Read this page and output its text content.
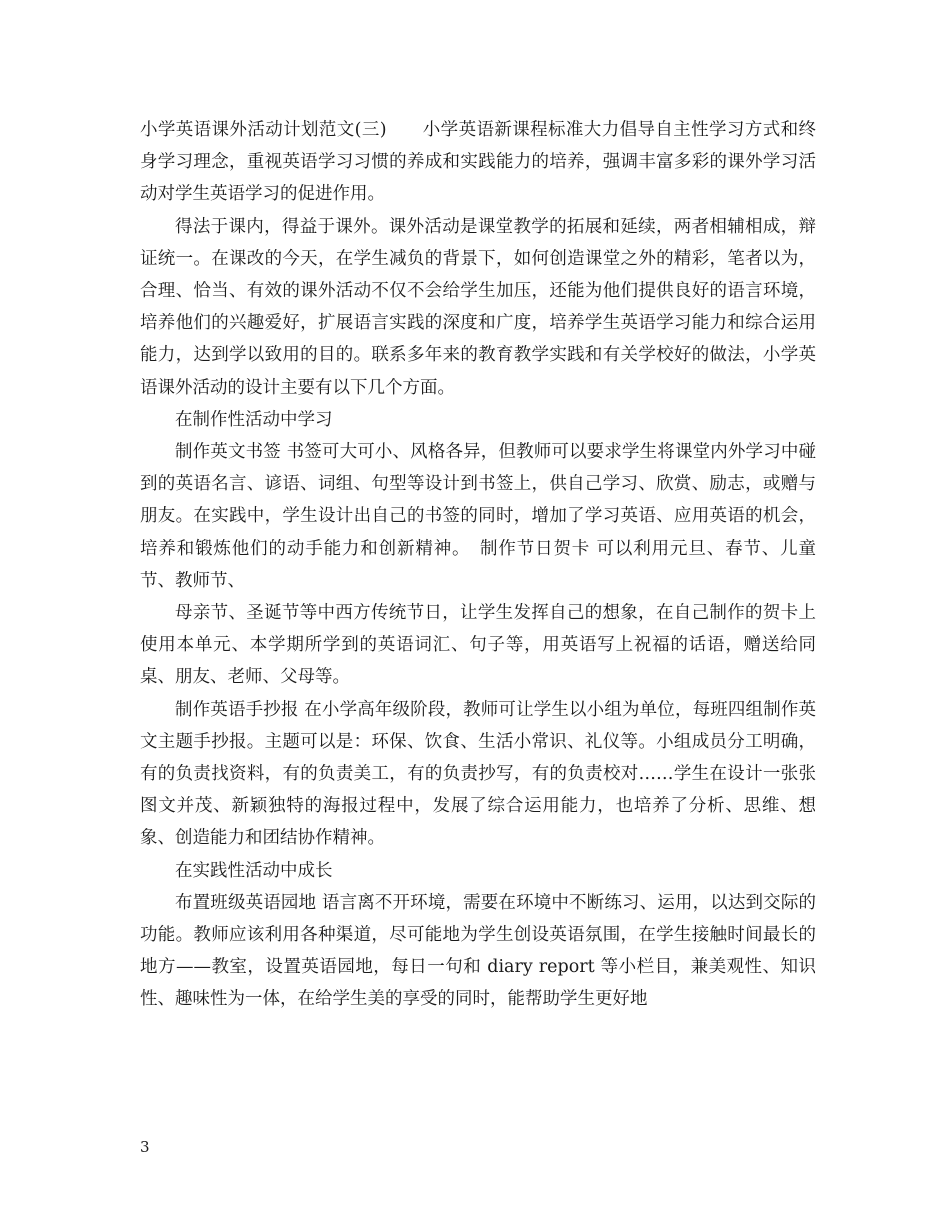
小学英语课外活动计划范文(三)　　小学英语新课程标准大力倡导自主性学习方式和终身学习理念，重视英语学习习惯的养成和实践能力的培养，强调丰富多彩的课外学习活动对学生英语学习的促进作用。

得法于课内，得益于课外。课外活动是课堂教学的拓展和延续，两者相辅相成，辩证统一。在课改的今天，在学生减负的背景下，如何创造课堂之外的精彩，笔者以为，合理、恰当、有效的课外活动不仅不会给学生加压，还能为他们提供良好的语言环境，培养他们的兴趣爱好，扩展语言实践的深度和广度，培养学生英语学习能力和综合运用能力，达到学以致用的目的。联系多年来的教育教学实践和有关学校好的做法，小学英语课外活动的设计主要有以下几个方面。

在制作性活动中学习

制作英文书签 书签可大可小、风格各异，但教师可以要求学生将课堂内外学习中碰到的英语名言、谚语、词组、句型等设计到书签上，供自己学习、欣赏、励志，或赠与朋友。在实践中，学生设计出自己的书签的同时，增加了学习英语、应用英语的机会，培养和锻炼他们的动手能力和创新精神。　制作节日贺卡 可以利用元旦、春节、儿童节、教师节、

母亲节、圣诞节等中西方传统节日，让学生发挥自己的想象，在自己制作的贺卡上使用本单元、本学期所学到的英语词汇、句子等，用英语写上祝福的话语，赠送给同桌、朋友、老师、父母等。

制作英语手抄报 在小学高年级阶段，教师可让学生以小组为单位，每班四组制作英文主题手抄报。主题可以是：环保、饮食、生活小常识、礼仪等。小组成员分工明确，有的负责找资料，有的负责美工，有的负责抄写，有的负责校对……学生在设计一张张图文并茂、新颖独特的海报过程中，发展了综合运用能力，也培养了分析、思维、想象、创造能力和团结协作精神。

在实践性活动中成长

布置班级英语园地 语言离不开环境，需要在环境中不断练习、运用，以达到交际的功能。教师应该利用各种渠道，尽可能地为学生创设英语氛围，在学生接触时间最长的地方——教室，设置英语园地，每日一句和 diary report 等小栏目，兼美观性、知识性、趣味性为一体，在给学生美的享受的同时，能帮助学生更好地

3
